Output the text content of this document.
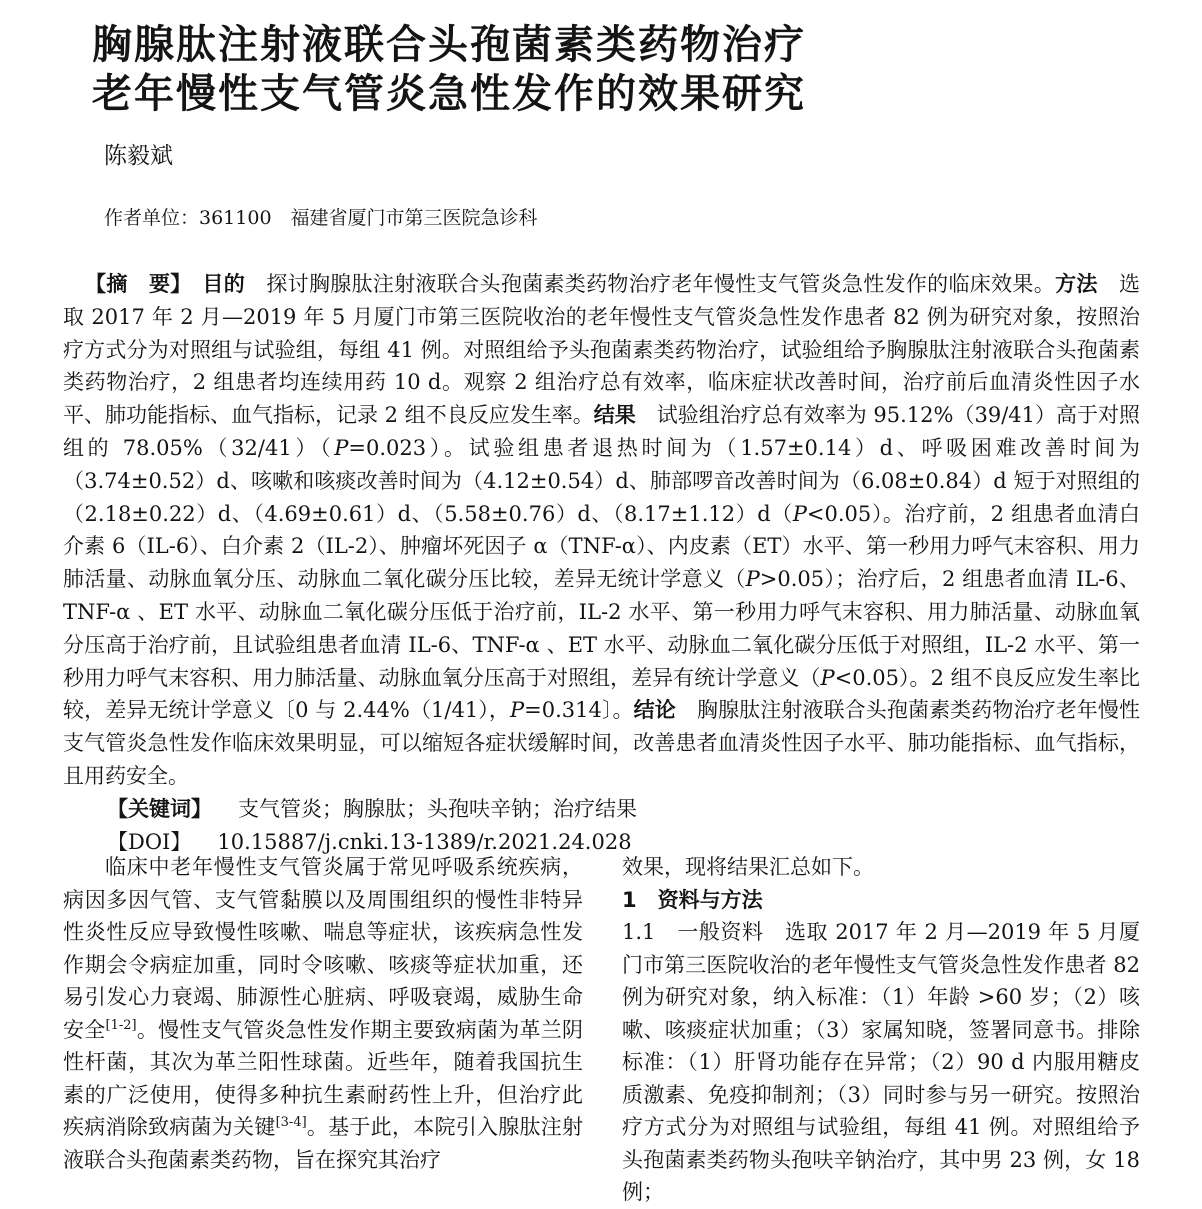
胸腺肽注射液联合头孢菌素类药物治疗
老年慢性支气管炎急性发作的效果研究
陈毅斌
作者单位：361100　福建省厦门市第三医院急诊科

【摘　要】　目的　探讨胸腺肽注射液联合头孢菌素类药物治疗老年慢性支气管炎急性发作的临床效果。方法　选取 2017 年 2 月—2019 年 5 月厦门市第三医院收治的老年慢性支气管炎急性发作患者 82 例为研究对象，按照治疗方式分为对照组与试验组，每组 41 例。对照组给予头孢菌素类药物治疗，试验组给予胸腺肽注射液联合头孢菌素类药物治疗，2 组患者均连续用药 10 d。观察 2 组治疗总有效率，临床症状改善时间，治疗前后血清炎性因子水平、肺功能指标、血气指标，记录 2 组不良反应发生率。结果　试验组治疗总有效率为 95.12%（39/41）高于对照组的 78.05%（32/41）（P=0.023）。试验组患者退热时间为（1.57±0.14）d、呼吸困难改善时间为（3.74±0.52）d、咳嗽和咳痰改善时间为（4.12±0.54）d、肺部啰音改善时间为（6.08±0.84）d 短于对照组的（2.18±0.22）d、（4.69±0.61）d、（5.58±0.76）d、（8.17±1.12）d（P<0.05）。治疗前，2 组患者血清白介素 6（IL-6）、白介素 2（IL-2）、肿瘤坏死因子 α（TNF-α）、内皮素（ET）水平、第一秒用力呼气末容积、用力肺活量、动脉血氧分压、动脉血二氧化碳分压比较，差异无统计学意义（P>0.05）；治疗后，2 组患者血清 IL-6、TNF-α 、ET 水平、动脉血二氧化碳分压低于治疗前，IL-2 水平、第一秒用力呼气末容积、用力肺活量、动脉血氧分压高于治疗前，且试验组患者血清 IL-6、TNF-α 、ET 水平、动脉血二氧化碳分压低于对照组，IL-2 水平、第一秒用力呼气末容积、用力肺活量、动脉血氧分压高于对照组，差异有统计学意义（P<0.05）。2 组不良反应发生率比较，差异无统计学意义〔0 与 2.44%（1/41），P=0.314〕。结论　胸腺肽注射液联合头孢菌素类药物治疗老年慢性支气管炎急性发作临床效果明显，可以缩短各症状缓解时间，改善患者血清炎性因子水平、肺功能指标、血气指标，且用药安全。

【关键词】 支气管炎；胸腺肽；头孢呋辛钠；治疗结果

【DOI】 10.15887/j.cnki.13-1389/r.2021.24.028

临床中老年慢性支气管炎属于常见呼吸系统疾病，病因多因气管、支气管黏膜以及周围组织的慢性非特异性炎性反应导致慢性咳嗽、喘息等症状，该疾病急性发作期会令病症加重，同时令咳嗽、咳痰等症状加重，还易引发心力衰竭、肺源性心脏病、呼吸衰竭，威胁生命安全[1-2]。慢性支气管炎急性发作期主要致病菌为革兰阴性杆菌，其次为革兰阳性球菌。近些年，随着我国抗生素的广泛使用，使得多种抗生素耐药性上升，但治疗此疾病消除致病菌为关键[3-4]。基于此，本院引入腺肽注射液联合头孢菌素类药物，旨在探究其治疗

效果，现将结果汇总如下。

1　资料与方法

1.1　一般资料　选取 2017 年 2 月—2019 年 5 月厦门市第三医院收治的老年慢性支气管炎急性发作患者 82 例为研究对象，纳入标准：（1）年龄 >60 岁；（2）咳嗽、咳痰症状加重；（3）家属知晓，签署同意书。排除标准：（1）肝肾功能存在异常；（2）90 d 内服用糖皮质激素、免疫抑制剂；（3）同时参与另一研究。按照治疗方式分为对照组与试验组，每组 41 例。对照组给予头孢菌素类药物头孢呋辛钠治疗，其中男 23 例，女 18 例；
